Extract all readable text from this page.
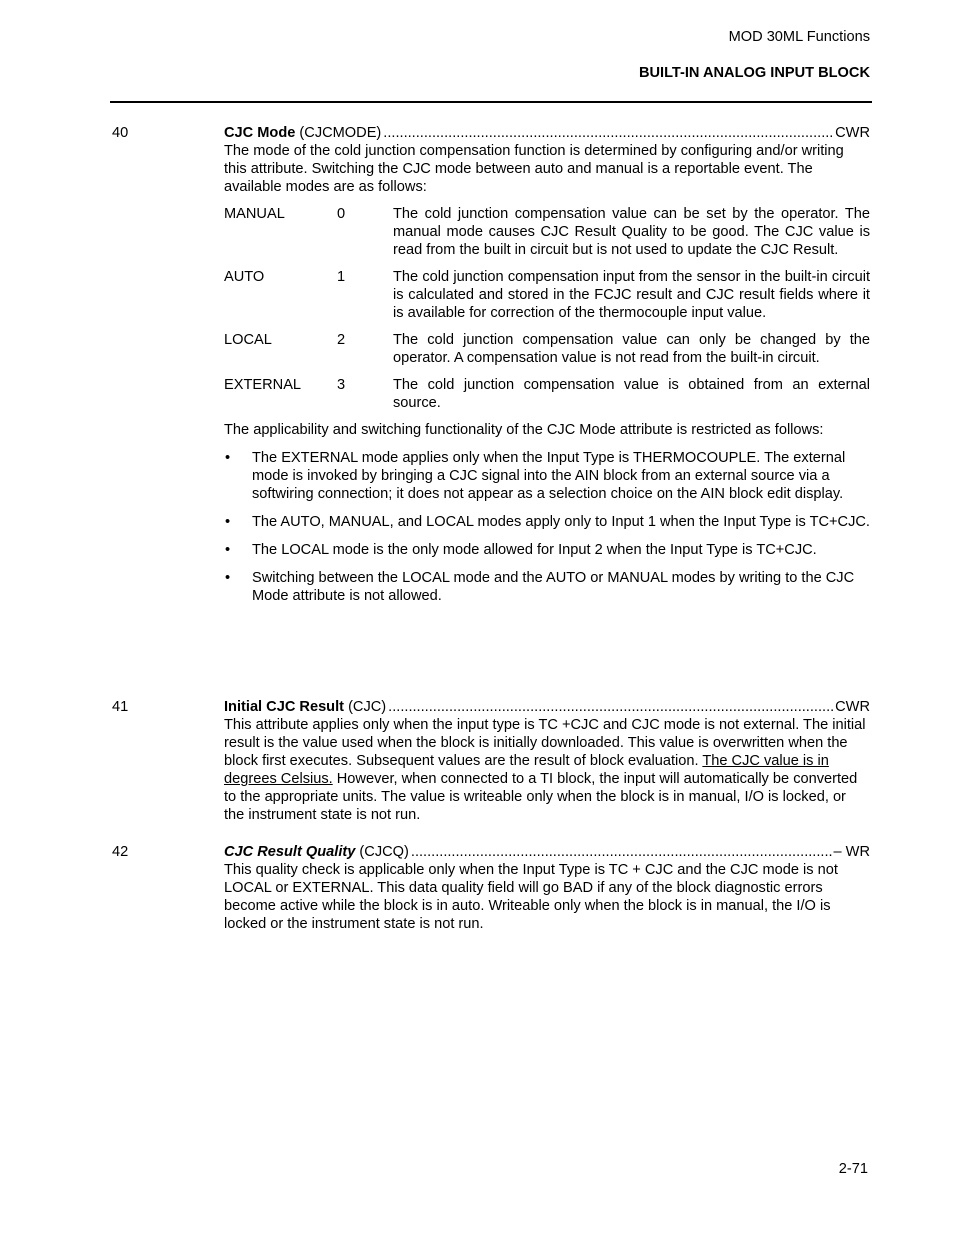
MOD 30ML Functions
BUILT-IN ANALOG INPUT BLOCK
40	CJC Mode (CJCMODE) .....	CWR

The mode of the cold junction compensation function is determined by configuring and/or writing this attribute. Switching the CJC mode between auto and manual is a reportable event. The available modes are as follows:

MANUAL	0	The cold junction compensation value can be set by the operator. The manual mode causes CJC Result Quality to be good. The CJC value is read from the built in circuit but is not used to update the CJC Result.
AUTO	1	The cold junction compensation input from the sensor in the built-in circuit is calculated and stored in the FCJC result and CJC result fields where it is available for correction of the thermocouple input value.
LOCAL	2	The cold junction compensation value can only be changed by the operator. A compensation value is not read from the built-in circuit.
EXTERNAL	3	The cold junction compensation value is obtained from an external source.

The applicability and switching functionality of the CJC Mode attribute is restricted as follows:

• The EXTERNAL mode applies only when the Input Type is THERMOCOUPLE. The external mode is invoked by bringing a CJC signal into the AIN block from an external source via a softwiring connection; it does not appear as a selection choice on the AIN block edit display.
• The AUTO, MANUAL, and LOCAL modes apply only to Input 1 when the Input Type is TC+CJC.
• The LOCAL mode is the only mode allowed for Input 2 when the Input Type is TC+CJC.
• Switching between the LOCAL mode and the AUTO or MANUAL modes by writing to the CJC Mode attribute is not allowed.
41	Initial CJC Result (CJC) .....	CWR

This attribute applies only when the input type is TC +CJC and CJC mode is not external. The initial result is the value used when the block is initially downloaded. This value is overwritten when the block first executes. Subsequent values are the result of block evaluation. The CJC value is in degrees Celsius. However, when connected to a TI block, the input will automatically be converted to the appropriate units. The value is writeable only when the block is in manual, I/O is locked, or the instrument state is not run.

42	CJC Result Quality (CJCQ) .....	– WR

This quality check is applicable only when the Input Type is TC + CJC and the CJC mode is not LOCAL or EXTERNAL. This data quality field will go BAD if any of the block diagnostic errors become active while the block is in auto. Writeable only when the block is in manual, the I/O is locked or the instrument state is not run.

2-71
